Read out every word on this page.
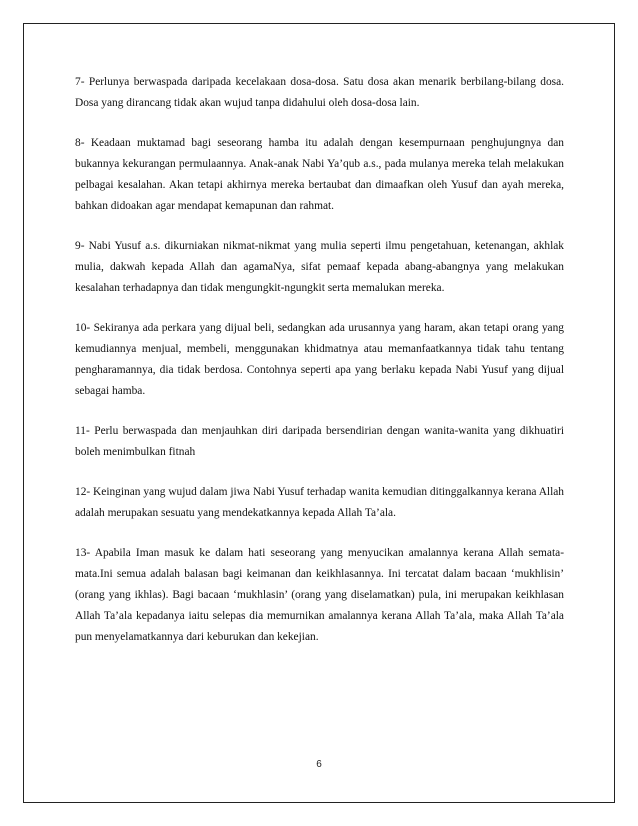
7- Perlunya berwaspada daripada kecelakaan dosa-dosa. Satu dosa akan menarik berbilang-bilang dosa. Dosa yang dirancang tidak akan wujud tanpa didahului oleh dosa-dosa lain.

8- Keadaan muktamad bagi seseorang hamba itu adalah dengan kesempurnaan penghujungnya dan bukannya kekurangan permulaannya. Anak-anak Nabi Ya’qub a.s., pada mulanya mereka telah melakukan pelbagai kesalahan. Akan tetapi akhirnya mereka bertaubat dan dimaafkan oleh Yusuf dan ayah mereka, bahkan didoakan agar mendapat kemapunan dan rahmat.

9- Nabi Yusuf a.s. dikurniakan nikmat-nikmat yang mulia seperti ilmu pengetahuan, ketenangan, akhlak mulia, dakwah kepada Allah dan agamaNya, sifat pemaaf kepada abang-abangnya yang melakukan kesalahan terhadapnya dan tidak mengungkit-ngungkit serta memalukan mereka.

10- Sekiranya ada perkara yang dijual beli, sedangkan ada urusannya yang haram, akan tetapi orang yang kemudiannya menjual, membeli, menggunakan khidmatnya atau memanfaatkannya tidak tahu tentang pengharamannya, dia tidak berdosa. Contohnya seperti apa yang berlaku kepada Nabi Yusuf yang dijual sebagai hamba.

11- Perlu berwaspada dan menjauhkan diri daripada bersendirian dengan wanita-wanita yang dikhuatiri boleh menimbulkan fitnah

12- Keinginan yang wujud dalam jiwa Nabi Yusuf terhadap wanita kemudian ditinggalkannya kerana Allah adalah merupakan sesuatu yang mendekatkannya kepada Allah Ta’ala.

13- Apabila Iman masuk ke dalam hati seseorang yang menyucikan amalannya kerana Allah semata-mata.Ini semua adalah balasan bagi keimanan dan keikhlasannya. Ini tercatat dalam bacaan ‘mukhlisin’ (orang yang ikhlas). Bagi bacaan ‘mukhlasin’ (orang yang diselamatkan) pula, ini merupakan keikhlasan Allah Ta’ala kepadanya iaitu selepas dia memurnikan amalannya kerana Allah Ta’ala, maka Allah Ta’ala pun menyelamatkannya dari keburukan dan kekejian.

6
